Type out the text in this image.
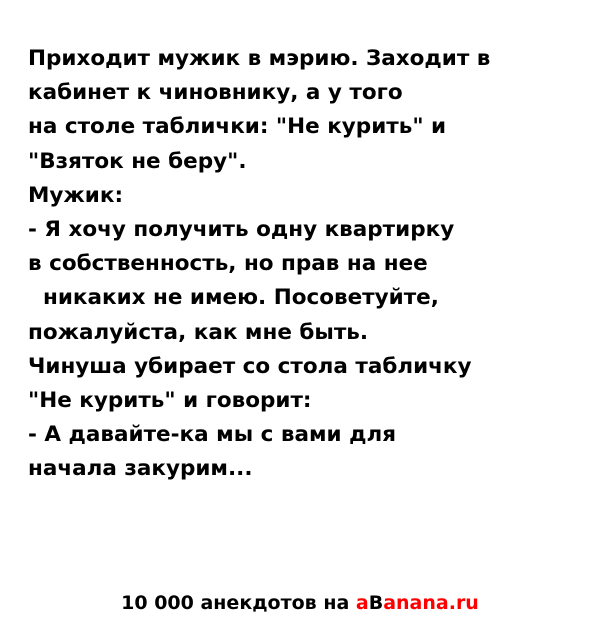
Приходит мужик в мэрию. Заходит в
кабинет к чиновнику, а у того
на столе таблички: "Не курить" и
"Взяток не беру".
Мужик:
- Я хочу получить одну квартирку
в собственность, но прав на нее
никаких не имею. Посоветуйте,
пожалуйста, как мне быть.
Чинуша убирает со стола табличку
"Не курить" и говорит:
- А давайте-ка мы с вами для
начала закурим...
10 000 анекдотов на aBanana.ru
